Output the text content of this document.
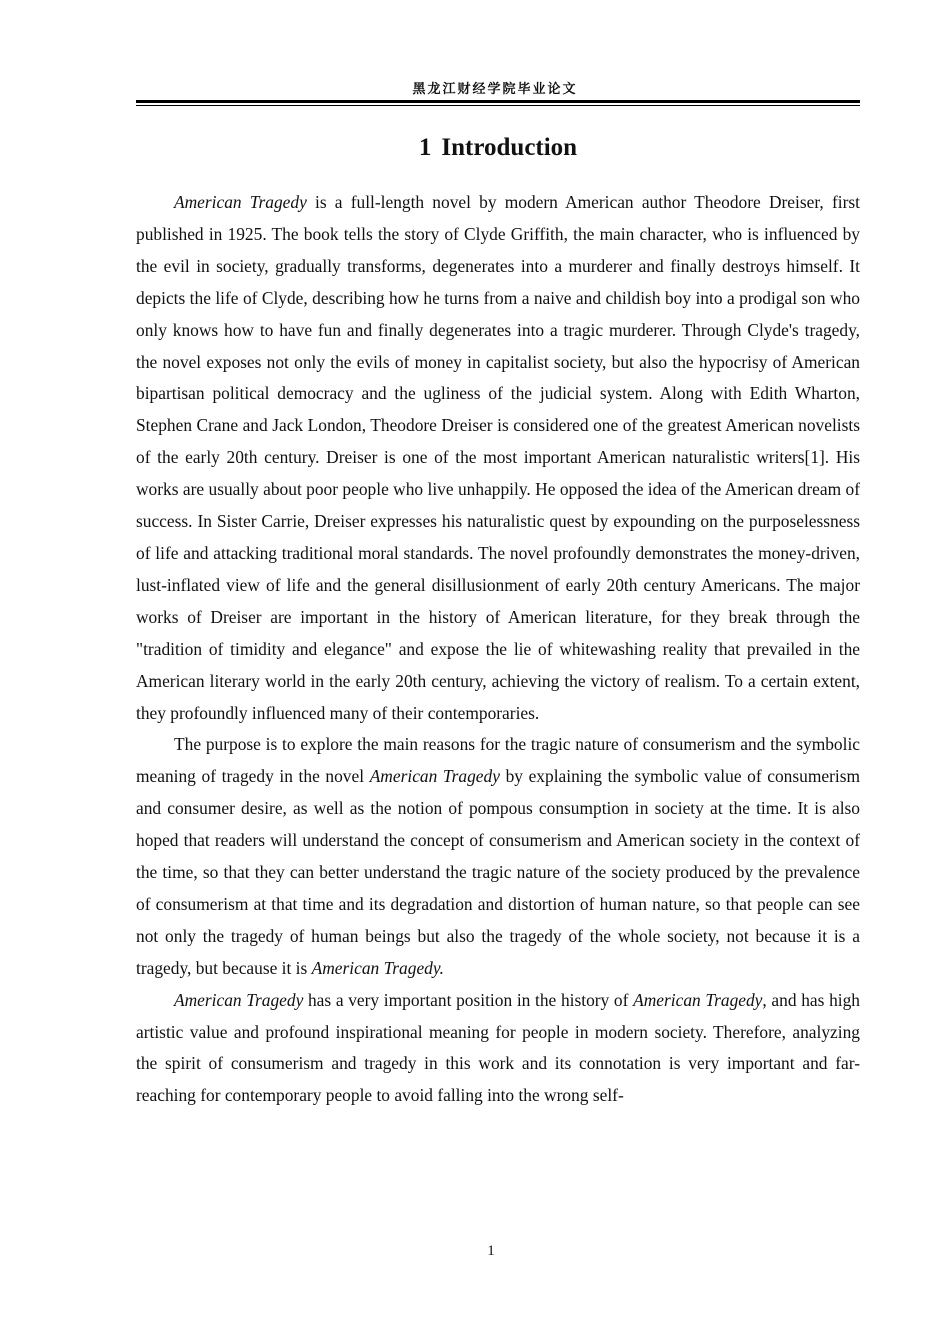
黑龙江财经学院毕业论文
1 Introduction

American Tragedy is a full-length novel by modern American author Theodore Dreiser, first published in 1925. The book tells the story of Clyde Griffith, the main character, who is influenced by the evil in society, gradually transforms, degenerates into a murderer and finally destroys himself. It depicts the life of Clyde, describing how he turns from a naive and childish boy into a prodigal son who only knows how to have fun and finally degenerates into a tragic murderer. Through Clyde's tragedy, the novel exposes not only the evils of money in capitalist society, but also the hypocrisy of American bipartisan political democracy and the ugliness of the judicial system. Along with Edith Wharton, Stephen Crane and Jack London, Theodore Dreiser is considered one of the greatest American novelists of the early 20th century. Dreiser is one of the most important American naturalistic writers[1]. His works are usually about poor people who live unhappily. He opposed the idea of the American dream of success. In Sister Carrie, Dreiser expresses his naturalistic quest by expounding on the purposelessness of life and attacking traditional moral standards. The novel profoundly demonstrates the money-driven, lust-inflated view of life and the general disillusionment of early 20th century Americans. The major works of Dreiser are important in the history of American literature, for they break through the "tradition of timidity and elegance" and expose the lie of whitewashing reality that prevailed in the American literary world in the early 20th century, achieving the victory of realism. To a certain extent, they profoundly influenced many of their contemporaries.

The purpose is to explore the main reasons for the tragic nature of consumerism and the symbolic meaning of tragedy in the novel American Tragedy by explaining the symbolic value of consumerism and consumer desire, as well as the notion of pompous consumption in society at the time. It is also hoped that readers will understand the concept of consumerism and American society in the context of the time, so that they can better understand the tragic nature of the society produced by the prevalence of consumerism at that time and its degradation and distortion of human nature, so that people can see not only the tragedy of human beings but also the tragedy of the whole society, not because it is a tragedy, but because it is American Tragedy.

American Tragedy has a very important position in the history of American Tragedy, and has high artistic value and profound inspirational meaning for people in modern society. Therefore, analyzing the spirit of consumerism and tragedy in this work and its connotation is very important and far-reaching for contemporary people to avoid falling into the wrong self-

1
